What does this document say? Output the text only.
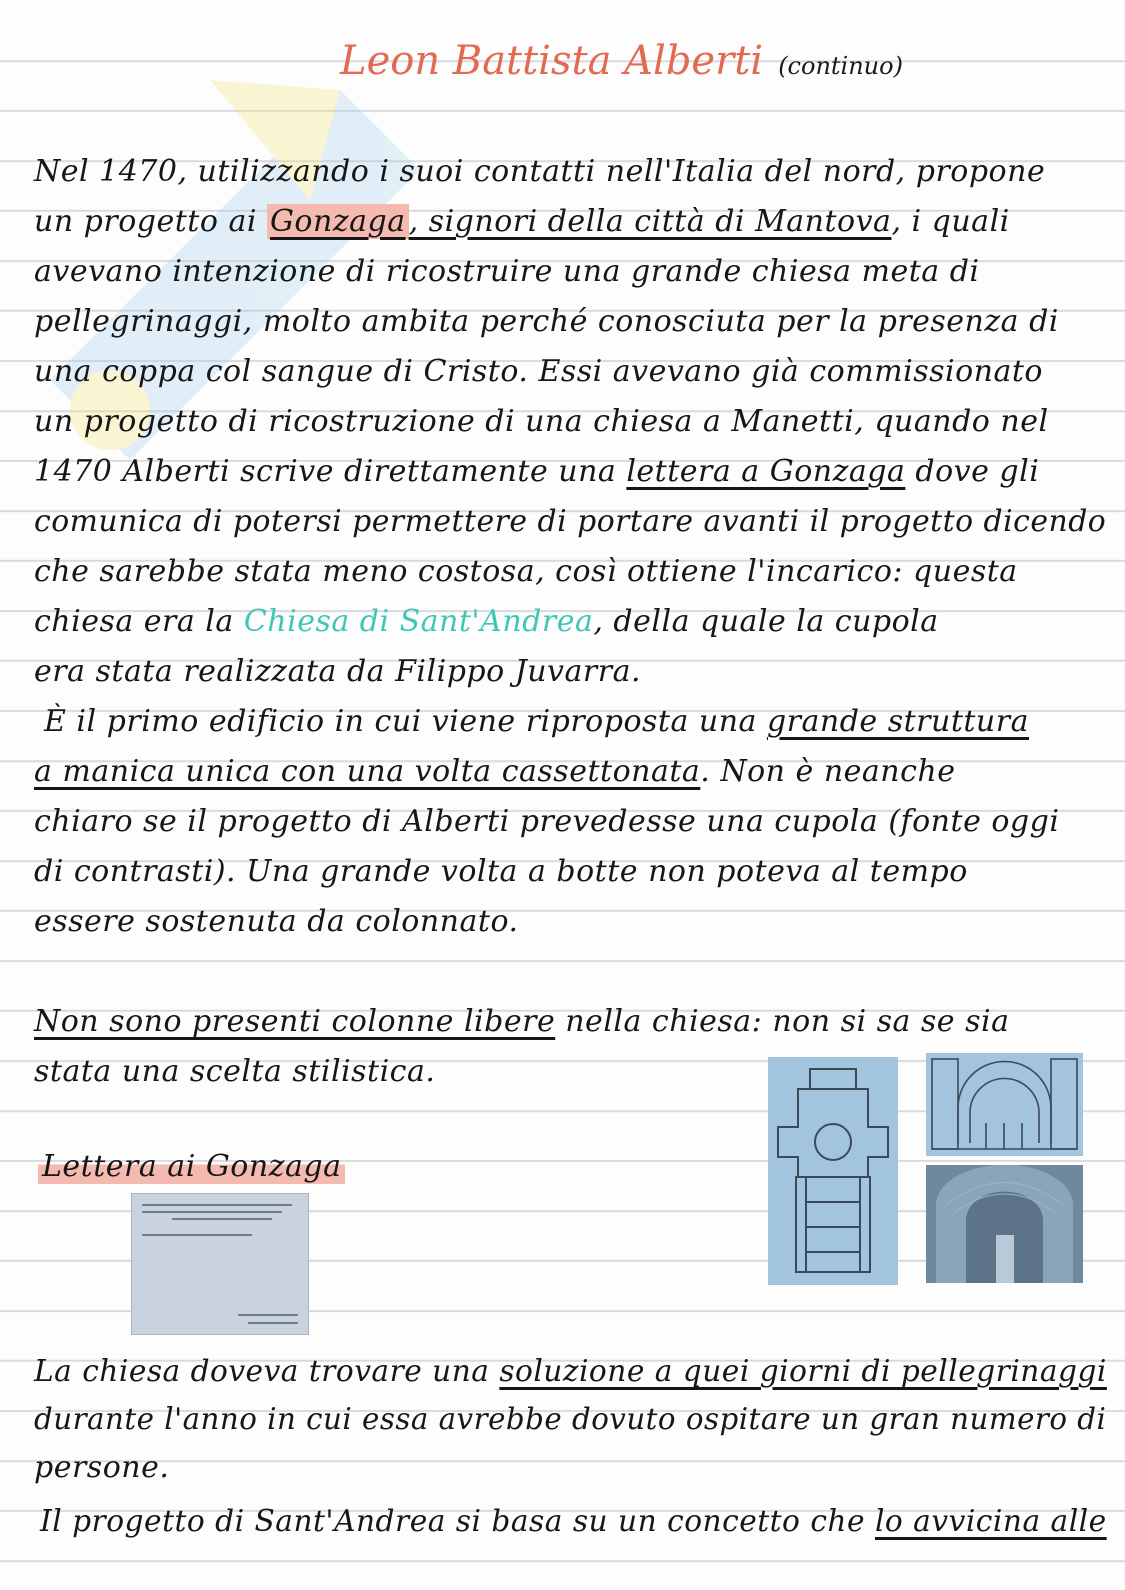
Leon Battista Alberti (continuo)
Nel 1470, utilizzando i suoi contatti nell'Italia del nord, propone
un progetto ai Gonzaga , signori della città di Mantova, i quali
avevano intenzione di ricostruire una grande chiesa meta di
pellegrinaggi, molto ambita perché conosciuta per la presenza di
una coppa col sangue di Cristo. Essi avevano già commissionato
un progetto di ricostruzione di una chiesa a Manetti, quando nel
1470 Alberti scrive direttamente una lettera a Gonzaga dove gli
comunica di potersi permettere di portare avanti il progetto dicendo
che sarebbe stata meno costosa, così ottiene l'incarico: questa
chiesa era la Chiesa di Sant'Andrea, della quale la cupola
era stata realizzata da Filippo Juvarra.
È il primo edificio in cui viene riproposta una grande struttura
a manica unica con una volta cassettonata. Non è neanche
chiaro se il progetto di Alberti prevedesse una cupola (fonte oggi
di contrasti). Una grande volta a botte non poteva al tempo
essere sostenuta da colonnato.
Non sono presenti colonne libere nella chiesa: non si sa se sia
stata una scelta stilistica.
Lettera ai Gonzaga
La chiesa doveva trovare una soluzione a quei giorni di pellegrinaggi
durante l'anno in cui essa avrebbe dovuto ospitare un gran numero di
persone.
Il progetto di Sant'Andrea si basa su un concetto che lo avvicina alle
